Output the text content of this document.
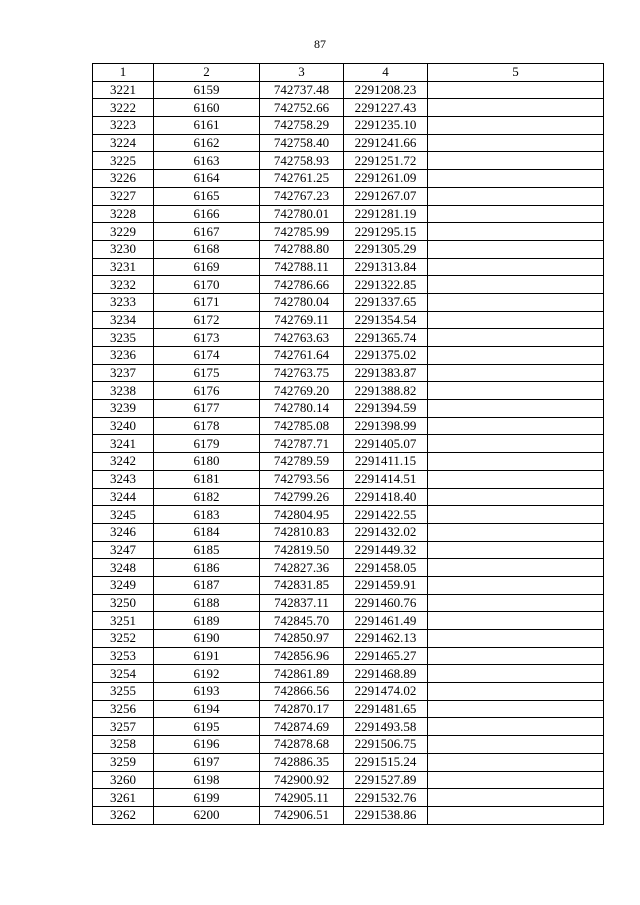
87
1	2	3	4	5
3221	6159	742737.48	2291208.23	
3222	6160	742752.66	2291227.43	
3223	6161	742758.29	2291235.10	
3224	6162	742758.40	2291241.66	
3225	6163	742758.93	2291251.72	
3226	6164	742761.25	2291261.09	
3227	6165	742767.23	2291267.07	
3228	6166	742780.01	2291281.19	
3229	6167	742785.99	2291295.15	
3230	6168	742788.80	2291305.29	
3231	6169	742788.11	2291313.84	
3232	6170	742786.66	2291322.85	
3233	6171	742780.04	2291337.65	
3234	6172	742769.11	2291354.54	
3235	6173	742763.63	2291365.74	
3236	6174	742761.64	2291375.02	
3237	6175	742763.75	2291383.87	
3238	6176	742769.20	2291388.82	
3239	6177	742780.14	2291394.59	
3240	6178	742785.08	2291398.99	
3241	6179	742787.71	2291405.07	
3242	6180	742789.59	2291411.15	
3243	6181	742793.56	2291414.51	
3244	6182	742799.26	2291418.40	
3245	6183	742804.95	2291422.55	
3246	6184	742810.83	2291432.02	
3247	6185	742819.50	2291449.32	
3248	6186	742827.36	2291458.05	
3249	6187	742831.85	2291459.91	
3250	6188	742837.11	2291460.76	
3251	6189	742845.70	2291461.49	
3252	6190	742850.97	2291462.13	
3253	6191	742856.96	2291465.27	
3254	6192	742861.89	2291468.89	
3255	6193	742866.56	2291474.02	
3256	6194	742870.17	2291481.65	
3257	6195	742874.69	2291493.58	
3258	6196	742878.68	2291506.75	
3259	6197	742886.35	2291515.24	
3260	6198	742900.92	2291527.89	
3261	6199	742905.11	2291532.76	
3262	6200	742906.51	2291538.86	
